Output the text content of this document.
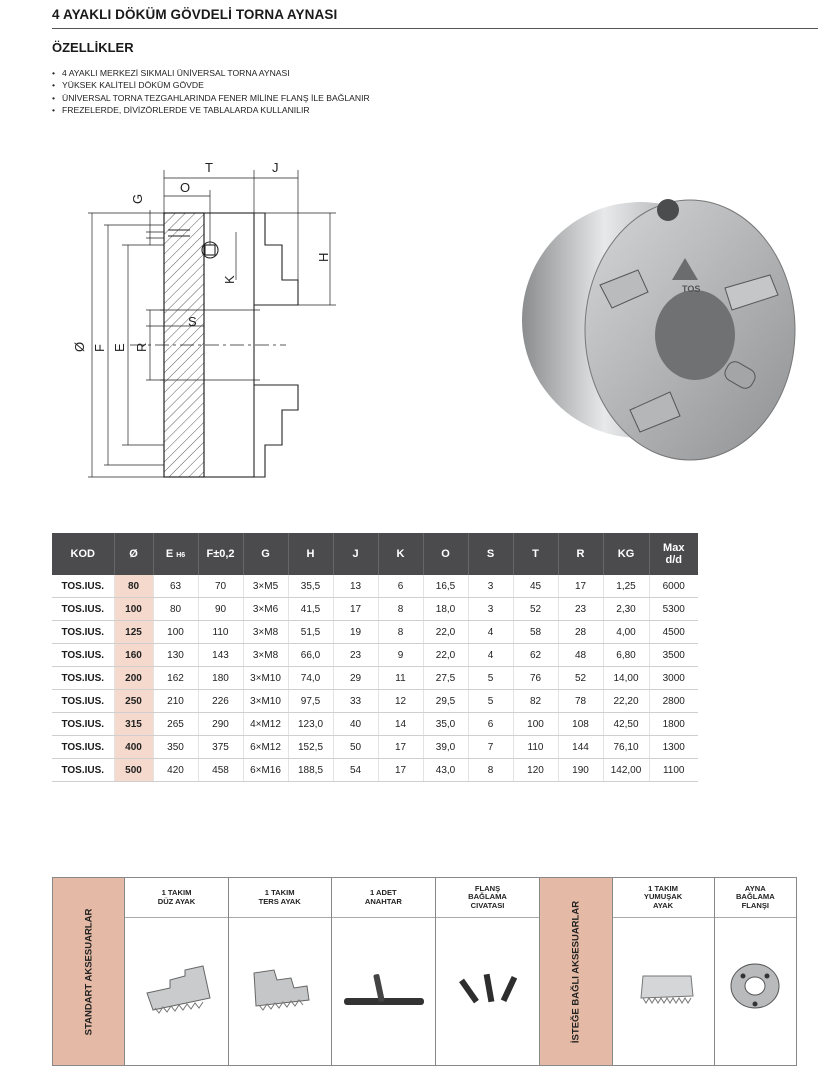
4 AYAKLI DÖKÜM GÖVDELİ TORNA AYNASI
ÖZELLİKLER
• 4 AYAKLI MERKEZİ SIKMALI ÜNİVERSAL TORNA AYNASI
• YÜKSEK KALİTELİ DÖKÜM GÖVDE
• ÜNİVERSAL TORNA TEZGAHLARINDA FENER MİLİNE FLANŞ İLE BAĞLANIR
• FREZELERDE, DİVİZÖRLERDE VE TABLALARDA KULLANILIR
T	J
O
G
H
K
S
Ø F E R
TOS
KOD	Ø	E H6	F±0,2	G	H	J	K	O	S	T	R	KG	Max
d/d
TOS.IUS.	80	63	70	3×M5	35,5	13	6	16,5	3	45	17	1,25	6000
TOS.IUS.	100	80	90	3×M6	41,5	17	8	18,0	3	52	23	2,30	5300
TOS.IUS.	125	100	110	3×M8	51,5	19	8	22,0	4	58	28	4,00	4500
TOS.IUS.	160	130	143	3×M8	66,0	23	9	22,0	4	62	48	6,80	3500
TOS.IUS.	200	162	180	3×M10	74,0	29	11	27,5	5	76	52	14,00	3000
TOS.IUS.	250	210	226	3×M10	97,5	33	12	29,5	5	82	78	22,20	2800
TOS.IUS.	315	265	290	4×M12	123,0	40	14	35,0	6	100	108	42,50	1800
TOS.IUS.	400	350	375	6×M12	152,5	50	17	39,0	7	110	144	76,10	1300
TOS.IUS.	500	420	458	6×M16	188,5	54	17	43,0	8	120	190	142,00	1100
STANDART AKSESUARLAR
1 TAKIM
DÜZ AYAK
1 TAKIM
TERS AYAK
1 ADET
ANAHTAR
FLANŞ
BAĞLAMA
CIVATASI	İSTEĞE BAĞLI AKSESUARLAR
1 TAKIM
YUMUŞAK
AYAK
AYNA
BAĞLAMA
FLANŞI
